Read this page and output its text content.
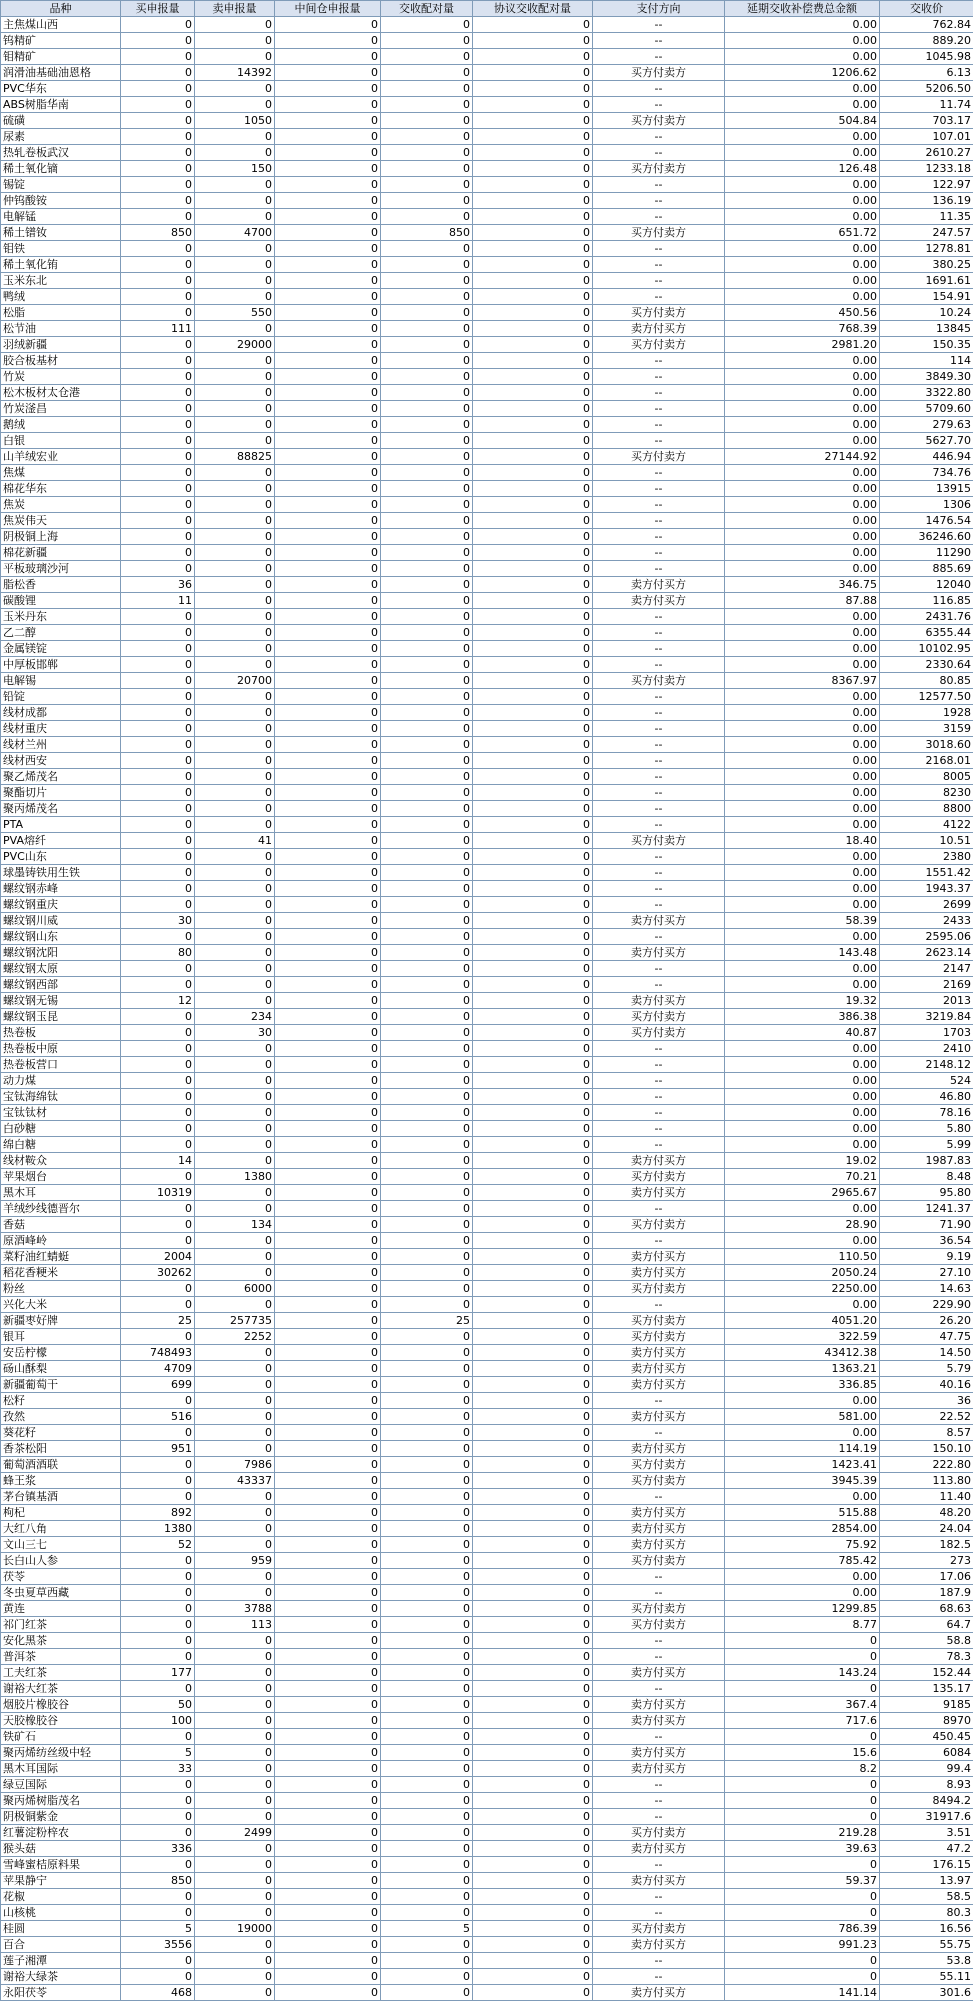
品种	买申报量	卖申报量	中间仓申报量	交收配对量	协议交收配对量	支付方向	延期交收补偿费总金额	交收价
主焦煤山西	0	0	0	0	0	--	0.00	762.84
钨精矿	0	0	0	0	0	--	0.00	889.20
钼精矿	0	0	0	0	0	--	0.00	1045.98
润滑油基础油恩格	0	14392	0	0	0	买方付卖方	1206.62	6.13
PVC华东	0	0	0	0	0	--	0.00	5206.50
ABS树脂华南	0	0	0	0	0	--	0.00	11.74
硫磺	0	1050	0	0	0	买方付卖方	504.84	703.17
尿素	0	0	0	0	0	--	0.00	107.01
热轧卷板武汉	0	0	0	0	0	--	0.00	2610.27
稀土氧化镝	0	150	0	0	0	买方付卖方	126.48	1233.18
锡锭	0	0	0	0	0	--	0.00	122.97
仲钨酸铵	0	0	0	0	0	--	0.00	136.19
电解锰	0	0	0	0	0	--	0.00	11.35
稀土镨钕	850	4700	0	850	0	买方付卖方	651.72	247.57
钼铁	0	0	0	0	0	--	0.00	1278.81
稀土氧化铕	0	0	0	0	0	--	0.00	380.25
玉米东北	0	0	0	0	0	--	0.00	1691.61
鸭绒	0	0	0	0	0	--	0.00	154.91
松脂	0	550	0	0	0	买方付卖方	450.56	10.24
松节油	111	0	0	0	0	卖方付买方	768.39	13845
羽绒新疆	0	29000	0	0	0	买方付卖方	2981.20	150.35
胶合板基材	0	0	0	0	0	--	0.00	114
竹炭	0	0	0	0	0	--	0.00	3849.30
松木板材太仓港	0	0	0	0	0	--	0.00	3322.80
竹炭滏昌	0	0	0	0	0	--	0.00	5709.60
鹅绒	0	0	0	0	0	--	0.00	279.63
白银	0	0	0	0	0	--	0.00	5627.70
山羊绒宏业	0	88825	0	0	0	买方付卖方	27144.92	446.94
焦煤	0	0	0	0	0	--	0.00	734.76
棉花华东	0	0	0	0	0	--	0.00	13915
焦炭	0	0	0	0	0	--	0.00	1306
焦炭伟天	0	0	0	0	0	--	0.00	1476.54
阴极铜上海	0	0	0	0	0	--	0.00	36246.60
棉花新疆	0	0	0	0	0	--	0.00	11290
平板玻璃沙河	0	0	0	0	0	--	0.00	885.69
脂松香	36	0	0	0	0	卖方付买方	346.75	12040
碳酸锂	11	0	0	0	0	卖方付买方	87.88	116.85
玉米丹东	0	0	0	0	0	--	0.00	2431.76
乙二醇	0	0	0	0	0	--	0.00	6355.44
金属镁锭	0	0	0	0	0	--	0.00	10102.95
中厚板邯郸	0	0	0	0	0	--	0.00	2330.64
电解锡	0	20700	0	0	0	买方付卖方	8367.97	80.85
铅锭	0	0	0	0	0	--	0.00	12577.50
线材成都	0	0	0	0	0	--	0.00	1928
线材重庆	0	0	0	0	0	--	0.00	3159
线材兰州	0	0	0	0	0	--	0.00	3018.60
线材西安	0	0	0	0	0	--	0.00	2168.01
聚乙烯茂名	0	0	0	0	0	--	0.00	8005
聚酯切片	0	0	0	0	0	--	0.00	8230
聚丙烯茂名	0	0	0	0	0	--	0.00	8800
PTA	0	0	0	0	0	--	0.00	4122
PVA熔纤	0	41	0	0	0	买方付卖方	18.40	10.51
PVC山东	0	0	0	0	0	--	0.00	2380
球墨铸铁用生铁	0	0	0	0	0	--	0.00	1551.42
螺纹钢赤峰	0	0	0	0	0	--	0.00	1943.37
螺纹钢重庆	0	0	0	0	0	--	0.00	2699
螺纹钢川威	30	0	0	0	0	卖方付买方	58.39	2433
螺纹钢山东	0	0	0	0	0	--	0.00	2595.06
螺纹钢沈阳	80	0	0	0	0	卖方付买方	143.48	2623.14
螺纹钢太原	0	0	0	0	0	--	0.00	2147
螺纹钢西部	0	0	0	0	0	--	0.00	2169
螺纹钢无锡	12	0	0	0	0	卖方付买方	19.32	2013
螺纹钢玉昆	0	234	0	0	0	买方付卖方	386.38	3219.84
热卷板	0	30	0	0	0	买方付卖方	40.87	1703
热卷板中原	0	0	0	0	0	--	0.00	2410
热卷板营口	0	0	0	0	0	--	0.00	2148.12
动力煤	0	0	0	0	0	--	0.00	524
宝钛海绵钛	0	0	0	0	0	--	0.00	46.80
宝钛钛材	0	0	0	0	0	--	0.00	78.16
白砂糖	0	0	0	0	0	--	0.00	5.80
绵白糖	0	0	0	0	0	--	0.00	5.99
线材鞍众	14	0	0	0	0	卖方付买方	19.02	1987.83
苹果烟台	0	1380	0	0	0	买方付卖方	70.21	8.48
黑木耳	10319	0	0	0	0	卖方付买方	2965.67	95.80
羊绒纱线德晋尔	0	0	0	0	0	--	0.00	1241.37
香菇	0	134	0	0	0	买方付卖方	28.90	71.90
原酒峰岭	0	0	0	0	0	--	0.00	36.54
菜籽油红蜻蜓	2004	0	0	0	0	卖方付买方	110.50	9.19
稻花香粳米	30262	0	0	0	0	卖方付买方	2050.24	27.10
粉丝	0	6000	0	0	0	买方付卖方	2250.00	14.63
兴化大米	0	0	0	0	0	--	0.00	229.90
新疆枣好牌	25	257735	0	25	0	买方付卖方	4051.20	26.20
银耳	0	2252	0	0	0	买方付卖方	322.59	47.75
安岳柠檬	748493	0	0	0	0	卖方付买方	43412.38	14.50
砀山酥梨	4709	0	0	0	0	卖方付买方	1363.21	5.79
新疆葡萄干	699	0	0	0	0	卖方付买方	336.85	40.16
松籽	0	0	0	0	0	--	0.00	36
孜然	516	0	0	0	0	卖方付买方	581.00	22.52
葵花籽	0	0	0	0	0	--	0.00	8.57
香茶松阳	951	0	0	0	0	卖方付买方	114.19	150.10
葡萄酒酒联	0	7986	0	0	0	买方付卖方	1423.41	222.80
蜂王浆	0	43337	0	0	0	买方付卖方	3945.39	113.80
茅台镇基酒	0	0	0	0	0	--	0.00	11.40
枸杞	892	0	0	0	0	卖方付买方	515.88	48.20
大红八角	1380	0	0	0	0	卖方付买方	2854.00	24.04
文山三七	52	0	0	0	0	卖方付买方	75.92	182.5
长白山人参	0	959	0	0	0	买方付卖方	785.42	273
茯苓	0	0	0	0	0	--	0.00	17.06
冬虫夏草西藏	0	0	0	0	0	--	0.00	187.9
黄连	0	3788	0	0	0	买方付卖方	1299.85	68.63
祁门红茶	0	113	0	0	0	买方付卖方	8.77	64.7
安化黑茶	0	0	0	0	0	--	0	58.8
普洱茶	0	0	0	0	0	--	0	78.3
工夫红茶	177	0	0	0	0	卖方付买方	143.24	152.44
谢裕大红茶	0	0	0	0	0	--	0	135.17
烟胶片橡胶谷	50	0	0	0	0	卖方付买方	367.4	9185
天胶橡胶谷	100	0	0	0	0	卖方付买方	717.6	8970
铁矿石	0	0	0	0	0	--	0	450.45
聚丙烯纺丝级中轻	5	0	0	0	0	卖方付买方	15.6	6084
黑木耳国际	33	0	0	0	0	卖方付买方	8.2	99.4
绿豆国际	0	0	0	0	0	--	0	8.93
聚丙烯树脂茂名	0	0	0	0	0	--	0	8494.2
阴极铜紫金	0	0	0	0	0	--	0	31917.6
红薯淀粉梓农	0	2499	0	0	0	买方付卖方	219.28	3.51
猴头菇	336	0	0	0	0	卖方付买方	39.63	47.2
雪峰蜜桔原料果	0	0	0	0	0	--	0	176.15
苹果静宁	850	0	0	0	0	卖方付买方	59.37	13.97
花椒	0	0	0	0	0	--	0	58.5
山核桃	0	0	0	0	0	--	0	80.3
桂圆	5	19000	0	5	0	买方付卖方	786.39	16.56
百合	3556	0	0	0	0	卖方付买方	991.23	55.75
莲子湘潭	0	0	0	0	0	--	0	53.8
谢裕大绿茶	0	0	0	0	0	--	0	55.11
永阳茯苓	468	0	0	0	0	卖方付买方	141.14	301.6
